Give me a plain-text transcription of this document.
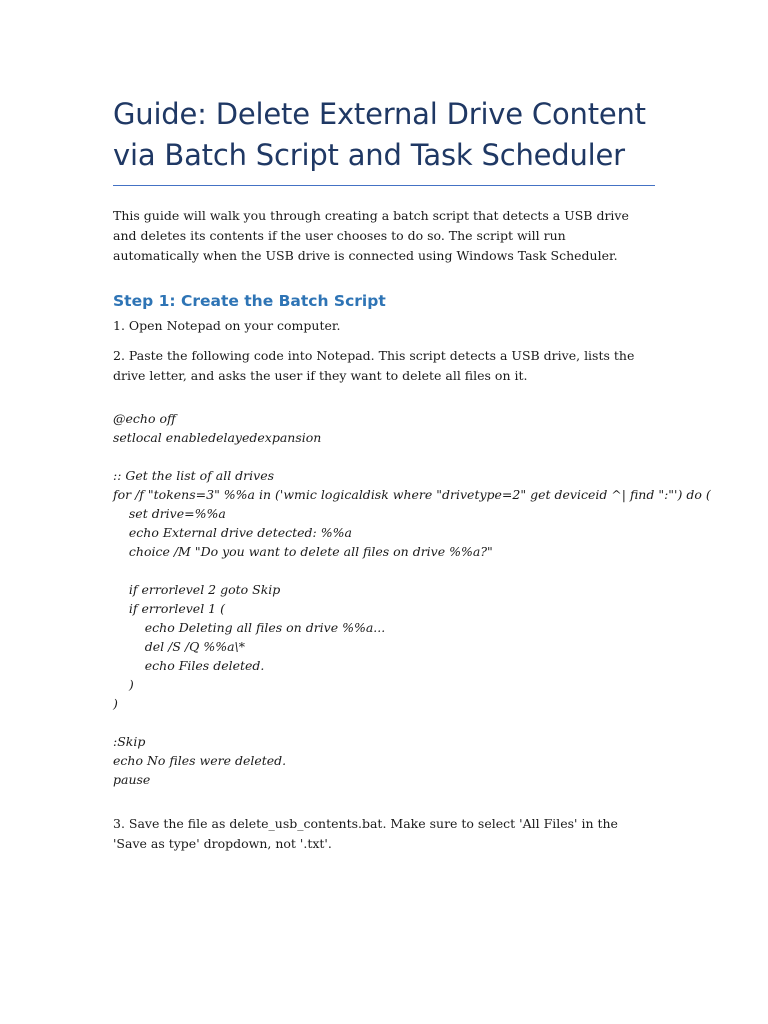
Guide: Delete External Drive Content
via Batch Script and Task Scheduler

This guide will walk you through creating a batch script that detects a USB drive and deletes its contents if the user chooses to do so. The script will run automatically when the USB drive is connected using Windows Task Scheduler.

Step 1: Create the Batch Script

1. Open Notepad on your computer.

2. Paste the following code into Notepad. This script detects a USB drive, lists the drive letter, and asks the user if they want to delete all files on it.

@echo off
setlocal enabledelayedexpansion
:: Get the list of all drives
for /f "tokens=3" %%a in ('wmic logicaldisk where "drivetype=2" get deviceid ^| find ":"') do (
set drive=%%a
echo External drive detected: %%a
choice /M "Do you want to delete all files on drive %%a?"
if errorlevel 2 goto Skip
if errorlevel 1 (
echo Deleting all files on drive %%a...
del /S /Q %%a\*
echo Files deleted.
)
)
:Skip
echo No files were deleted.
pause

3. Save the file as delete_usb_contents.bat. Make sure to select 'All Files' in the 'Save as type' dropdown, not '.txt'.
